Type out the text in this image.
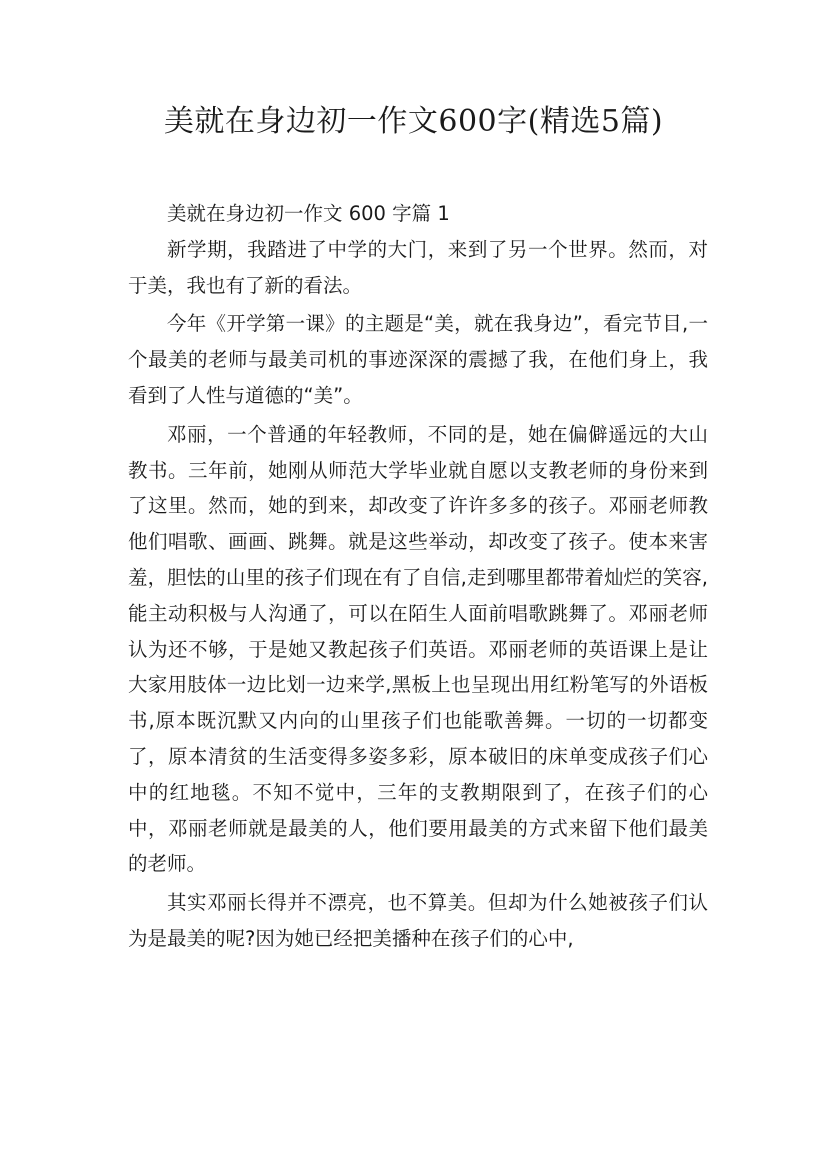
美就在身边初一作文600字(精选5篇)

美就在身边初一作文 600 字篇 1

新学期，我踏进了中学的大门，来到了另一个世界。然而，对于美，我也有了新的看法。

今年《开学第一课》的主题是“美，就在我身边”，看完节目,一个最美的老师与最美司机的事迹深深的震撼了我，在他们身上，我看到了人性与道德的“美”。

邓丽，一个普通的年轻教师，不同的是，她在偏僻遥远的大山教书。三年前，她刚从师范大学毕业就自愿以支教老师的身份来到了这里。然而，她的到来，却改变了许许多多的孩子。邓丽老师教他们唱歌、画画、跳舞。就是这些举动，却改变了孩子。使本来害羞，胆怯的山里的孩子们现在有了自信,走到哪里都带着灿烂的笑容,能主动积极与人沟通了，可以在陌生人面前唱歌跳舞了。邓丽老师认为还不够，于是她又教起孩子们英语。邓丽老师的英语课上是让大家用肢体一边比划一边来学,黑板上也呈现出用红粉笔写的外语板书,原本既沉默又内向的山里孩子们也能歌善舞。一切的一切都变了，原本清贫的生活变得多姿多彩，原本破旧的床单变成孩子们心中的红地毯。不知不觉中，三年的支教期限到了，在孩子们的心中，邓丽老师就是最美的人，他们要用最美的方式来留下他们最美的老师。

其实邓丽长得并不漂亮，也不算美。但却为什么她被孩子们认为是最美的呢?因为她已经把美播种在孩子们的心中,
